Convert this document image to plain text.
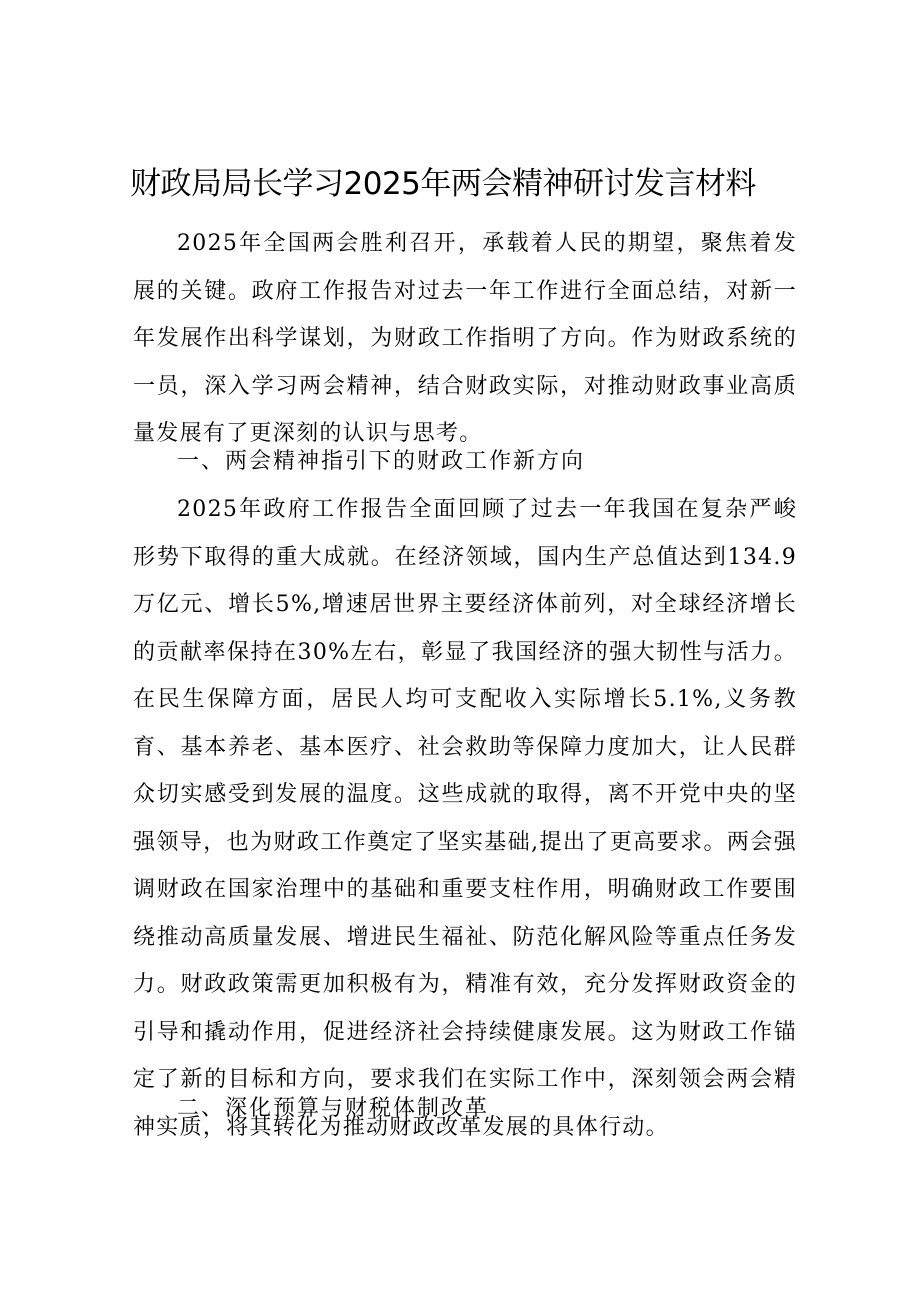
财政局局长学习2025年两会精神研讨发言材料

2025年全国两会胜利召开，承载着人民的期望，聚焦着发展的关键。政府工作报告对过去一年工作进行全面总结，对新一年发展作出科学谋划，为财政工作指明了方向。作为财政系统的一员，深入学习两会精神，结合财政实际，对推动财政事业高质量发展有了更深刻的认识与思考。

一、两会精神指引下的财政工作新方向

2025年政府工作报告全面回顾了过去一年我国在复杂严峻形势下取得的重大成就。在经济领域，国内生产总值达到134.9万亿元、增长5%,增速居世界主要经济体前列，对全球经济增长的贡献率保持在30%左右，彰显了我国经济的强大韧性与活力。在民生保障方面，居民人均可支配收入实际增长5.1%,义务教育、基本养老、基本医疗、社会救助等保障力度加大，让人民群众切实感受到发展的温度。这些成就的取得，离不开党中央的坚强领导，也为财政工作奠定了坚实基础,提出了更高要求。两会强调财政在国家治理中的基础和重要支柱作用，明确财政工作要围绕推动高质量发展、增进民生福祉、防范化解风险等重点任务发力。财政政策需更加积极有为，精准有效，充分发挥财政资金的引导和撬动作用，促进经济社会持续健康发展。这为财政工作锚定了新的目标和方向，要求我们在实际工作中，深刻领会两会精神实质，将其转化为推动财政改革发展的具体行动。

二、深化预算与财税体制改革
